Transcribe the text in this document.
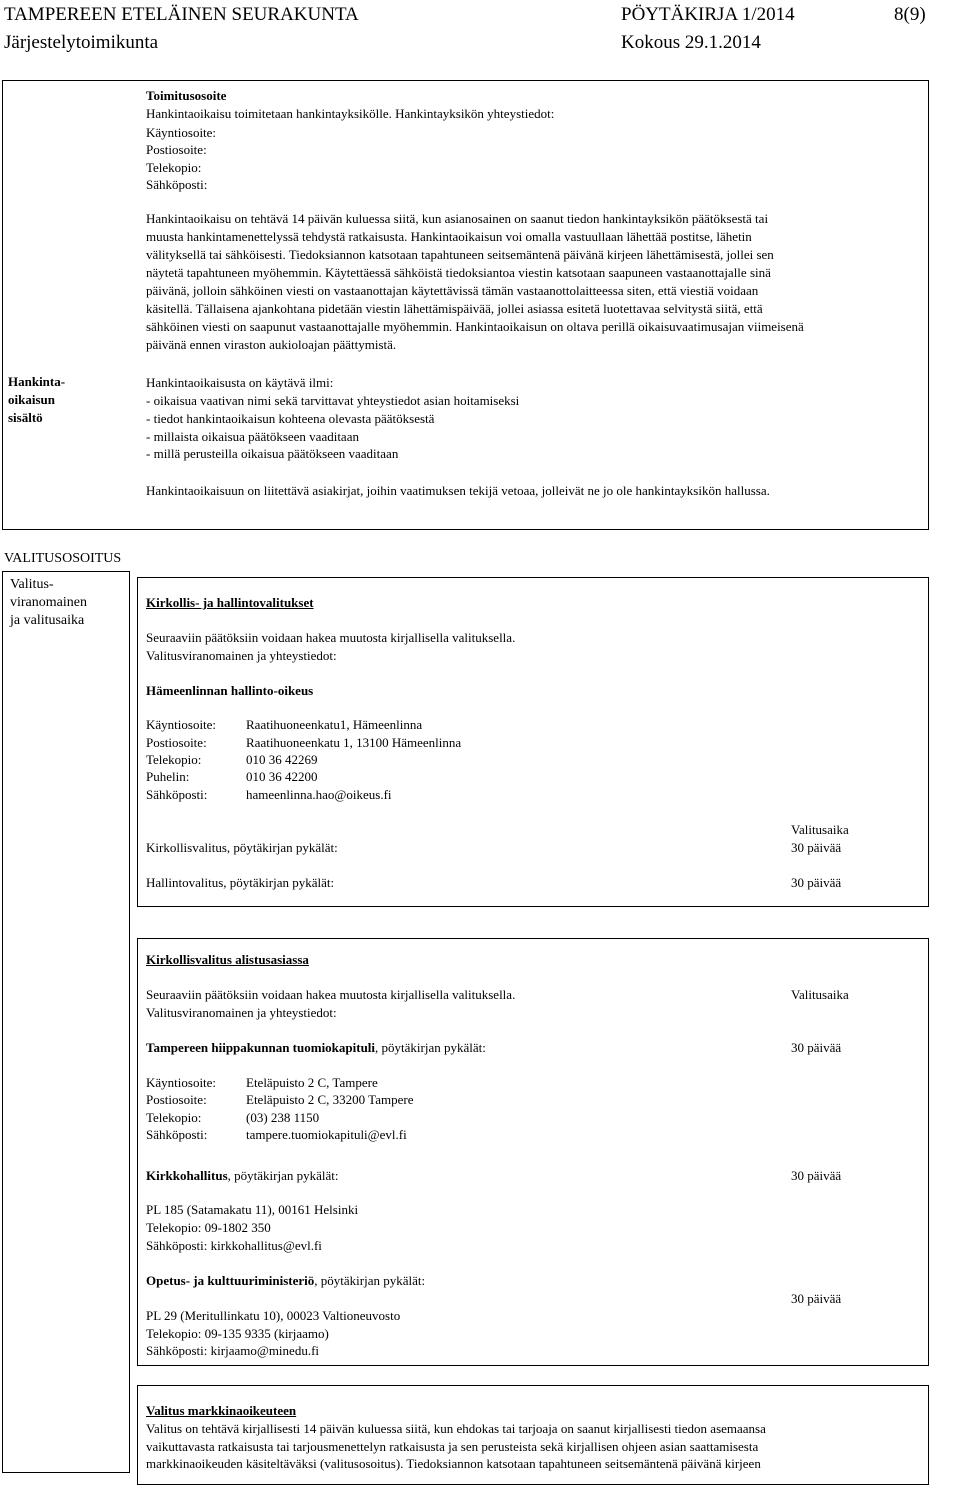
TAMPEREEN ETELÄINEN SEURAKUNTA	PÖYTÄKIRJA 1/2014	8(9)
Järjestelytoimikunta	Kokous 29.1.2014
Toimitusosoite
Hankintaoikaisu toimitetaan hankintayksikölle. Hankintayksikön yhteystiedot:
Käyntiosoite:
Postiosoite:
Telekopio:
Sähköposti:
Hankintaoikaisu on tehtävä 14 päivän kuluessa siitä, kun asianosainen on saanut tiedon hankintayksikön päätöksestä tai
muusta hankintamenettelyssä tehdystä ratkaisusta. Hankintaoikaisun voi omalla vastuullaan lähettää postitse, lähetin
välityksellä tai sähköisesti. Tiedoksiannon katsotaan tapahtuneen seitsemäntenä päivänä kirjeen lähettämisestä, jollei sen
näytetä tapahtuneen myöhemmin. Käytettäessä sähköistä tiedoksiantoa viestin katsotaan saapuneen vastaanottajalle sinä
päivänä, jolloin sähköinen viesti on vastaanottajan käytettävissä tämän vastaanottolaitteessa siten, että viestiä voidaan
käsitellä. Tällaisena ajankohtana pidetään viestin lähettämispäivää, jollei asiassa esitetä luotettavaa selvitystä siitä, että
sähköinen viesti on saapunut vastaanottajalle myöhemmin. Hankintaoikaisun on oltava perillä oikaisuvaatimusajan viimeisenä
päivänä ennen viraston aukioloajan päättymistä.
Hankinta-
oikaisun
sisältö
Hankintaoikaisusta on käytävä ilmi:
- oikaisua vaativan nimi sekä tarvittavat yhteystiedot asian hoitamiseksi
- tiedot hankintaoikaisun kohteena olevasta päätöksestä
- millaista oikaisua päätökseen vaaditaan
- millä perusteilla oikaisua päätökseen vaaditaan
Hankintaoikaisuun on liitettävä asiakirjat, joihin vaatimuksen tekijä vetoaa, jolleivät ne jo ole hankintayksikön hallussa.
VALITUSOSOITUS
Valitus-
viranomainen
ja valitusaika
Kirkollis- ja hallintovalitukset
Seuraaviin päätöksiin voidaan hakea muutosta kirjallisella valituksella.
Valitusviranomainen ja yhteystiedot:
Hämeenlinnan hallinto-oikeus
Käyntiosoite: Raatihuoneenkatu1, Hämeenlinna
Postiosoite:	Raatihuoneenkatu 1, 13100 Hämeenlinna
Telekopio:	010 36 42269
Puhelin:	010 36 42200
Sähköposti:	hameenlinna.hao@oikeus.fi
Valitusaika
Kirkollisvalitus, pöytäkirjan pykälät:	30 päivää
Hallintovalitus, pöytäkirjan pykälät:	30 päivää
Kirkollisvalitus alistusasiassa
Seuraaviin päätöksiin voidaan hakea muutosta kirjallisella valituksella.	Valitusaika
Valitusviranomainen ja yhteystiedot:
Tampereen hiippakunnan tuomiokapituli, pöytäkirjan pykälät:	30 päivää
Käyntiosoite: Eteläpuisto 2 C, Tampere
Postiosoite:	Eteläpuisto 2 C, 33200 Tampere
Telekopio:	(03) 238 1150
Sähköposti:	tampere.tuomiokapituli@evl.fi
Kirkkohallitus, pöytäkirjan pykälät:	30 päivää
PL 185 (Satamakatu 11), 00161 Helsinki
Telekopio: 09-1802 350
Sähköposti: kirkkohallitus@evl.fi
Opetus- ja kulttuuriministeriö, pöytäkirjan pykälät:
30 päivää
PL 29 (Meritullinkatu 10), 00023 Valtioneuvosto
Telekopio: 09-135 9335 (kirjaamo)
Sähköposti: kirjaamo@minedu.fi
Valitus markkinaoikeuteen
Valitus on tehtävä kirjallisesti 14 päivän kuluessa siitä, kun ehdokas tai tarjoaja on saanut kirjallisesti tiedon asemaansa
vaikuttavasta ratkaisusta tai tarjousmenettelyn ratkaisusta ja sen perusteista sekä kirjallisen ohjeen asian saattamisesta
markkinaoikeuden käsiteltäväksi (valitusosoitus). Tiedoksiannon katsotaan tapahtuneen seitsemäntenä päivänä kirjeen
